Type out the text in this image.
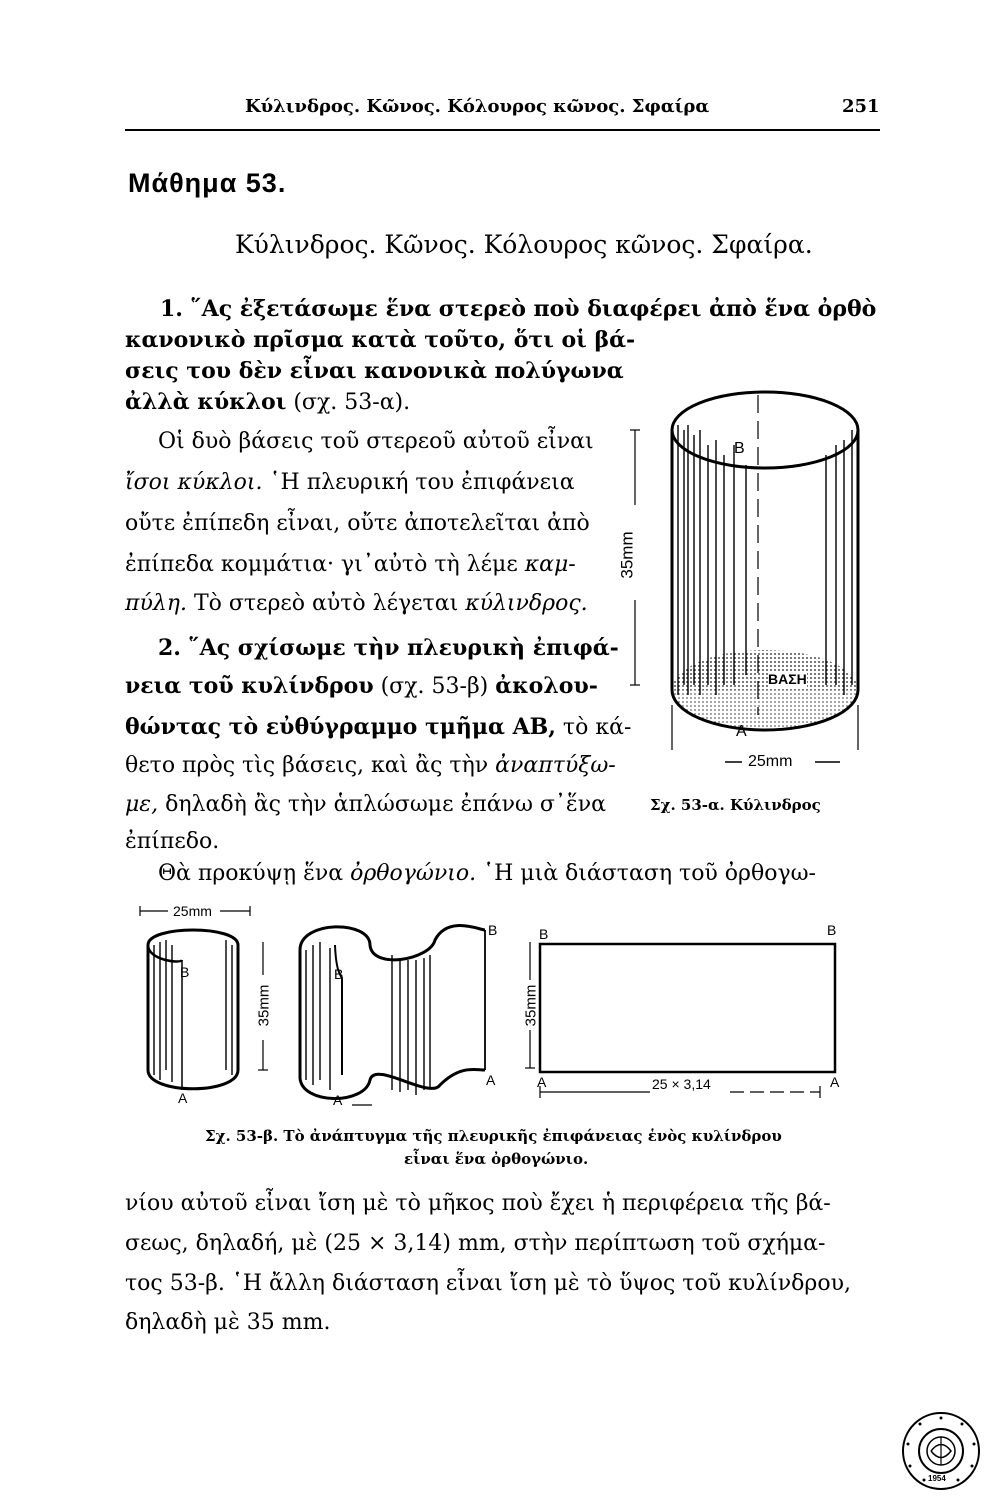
Κύλινδρος. Κῶνος. Κόλουρος κῶνος. Σφαίρα	251
Μάθημα 53.
Κύλινδρος. Κῶνος. Κόλουρος κῶνος. Σφαίρα.
1. ῞Ας ἐξετάσωμε ἕνα στερεὸ ποὺ διαφέρει ἀπὸ ἕνα ὀρθὸ
κανονικὸ πρῖσμα κατὰ τοῦτο, ὅτι οἱ βά-
σεις του δὲν εἶναι κανονικὰ πολύγωνα
ἀλλὰ κύκλοι (σχ. 53-α).
Οἱ δυὸ βάσεις τοῦ στερεοῦ αὐτοῦ εἶναι
ἴσοι κύκλοι. ῾Η πλευρική του ἐπιφάνεια
οὔτε ἐπίπεδη εἶναι, οὔτε ἀποτελεῖται ἀπὸ
ἐπίπεδα κομμάτια· γι᾽αὐτὸ τὴ λέμε καμ-
πύλη. Τὸ στερεὸ αὐτὸ λέγεται κύλινδρος.
2. ῞Ας σχίσωμε τὴν πλευρικὴ ἐπιφά-
νεια τοῦ κυλίνδρου (σχ. 53-β) ἀκολου-
θώντας τὸ εὐθύγραμμο τμῆμα ΑΒ, τὸ κά-
θετο πρὸς τὶς βάσεις, καὶ ἂς τὴν ἀναπτύξω-
με, δηλαδὴ ἂς τὴν ἁπλώσωμε ἐπάνω σ᾽ἕνα
ἐπίπεδο.
Θὰ προκύψῃ ἕνα ὀρθογώνιο. ῾Η μιὰ διάσταση τοῦ ὀρθογω-
Β
Α
ΒΑΣΗ
35mm
25mm
Σχ. 53-α. Κύλινδρος
25mm
35mm	35mm
Β
Α
Β
Β
Α
Α
Β	Β
Α	Α
25 × 3,14
Σχ. 53-β. Τὸ ἀνάπτυγμα τῆς πλευρικῆς ἐπιφάνειας ἑνὸς κυλίνδρου
εἶναι ἕνα ὀρθογώνιο.
νίου αὐτοῦ εἶναι ἴση μὲ τὸ μῆκος ποὺ ἔχει ἡ περιφέρεια τῆς βά-
σεως, δηλαδή, μὲ (25 × 3,14) mm, στὴν περίπτωση τοῦ σχήμα-
τος 53-β. ῾Η ἄλλη διάσταση εἶναι ἴση μὲ τὸ ὕψος τοῦ κυλίνδρου,
δηλαδὴ μὲ 35 mm.
1954
